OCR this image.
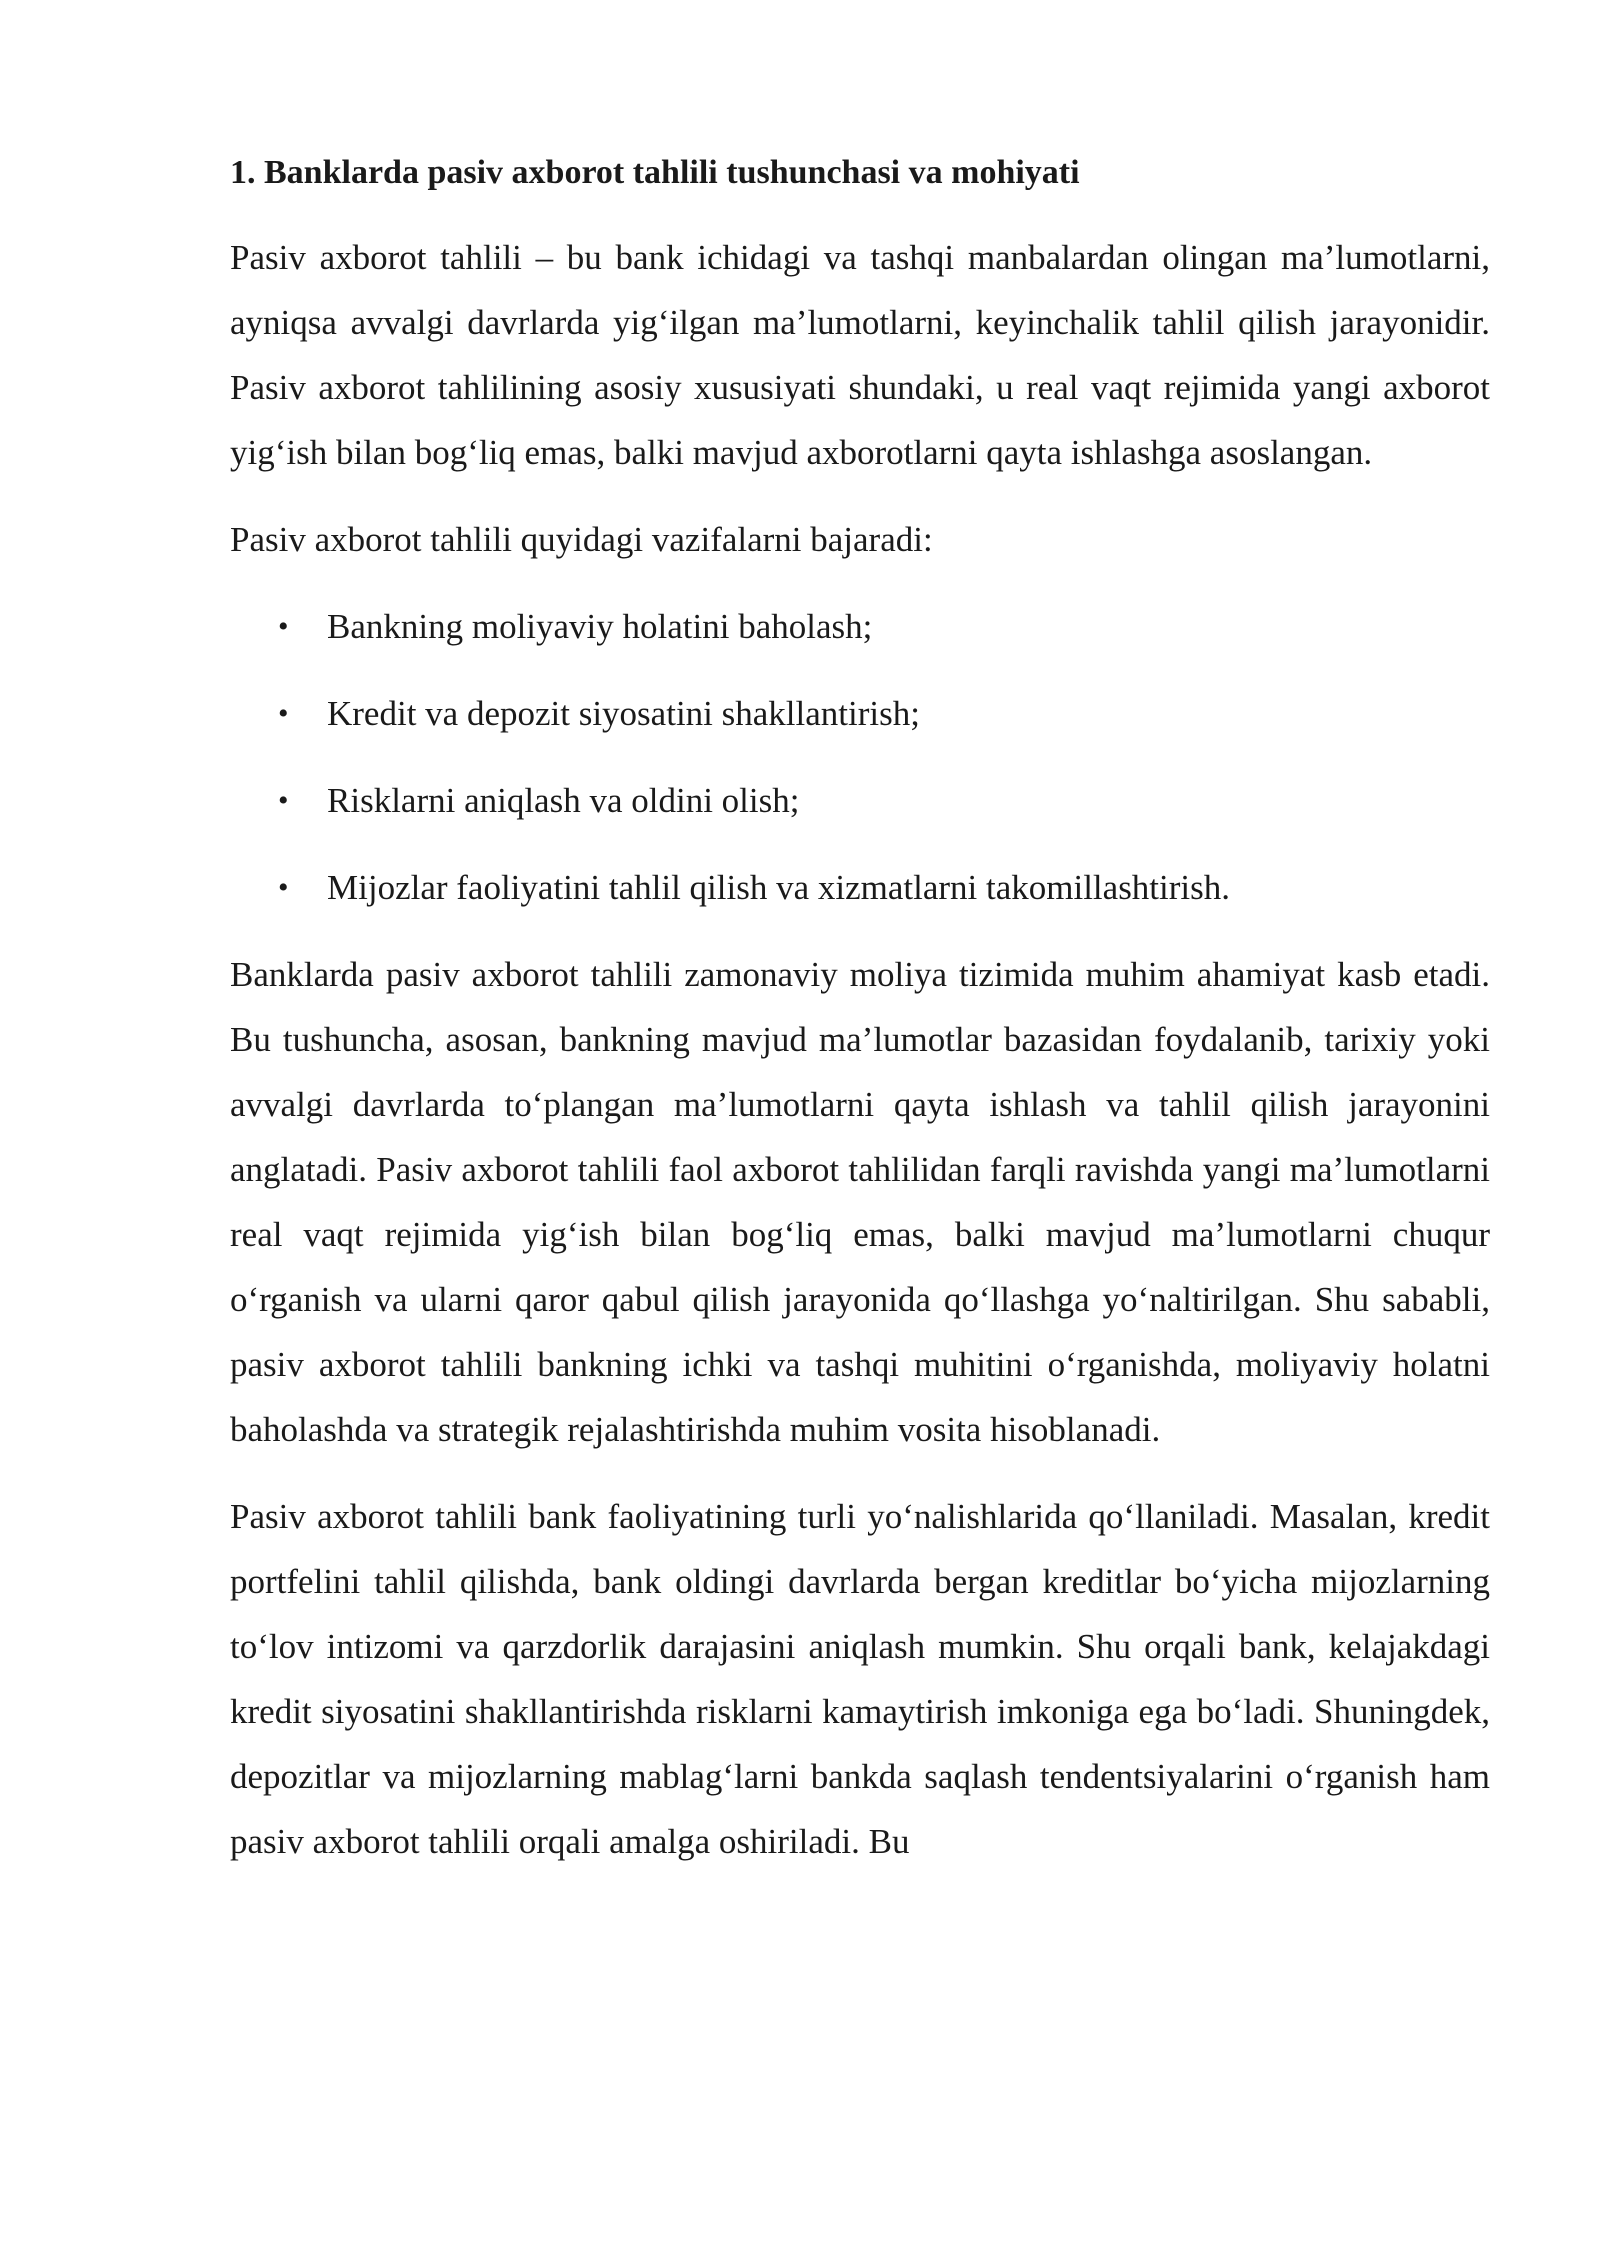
1. Banklarda pasiv axborot tahlili tushunchasi va mohiyati

Pasiv axborot tahlili – bu bank ichidagi va tashqi manbalardan olingan ma’lumotlarni, ayniqsa avvalgi davrlarda yig‘ilgan ma’lumotlarni, keyinchalik tahlil qilish jarayonidir. Pasiv axborot tahlilining asosiy xususiyati shundaki, u real vaqt rejimida yangi axborot yig‘ish bilan bog‘liq emas, balki mavjud axborotlarni qayta ishlashga asoslangan.

Pasiv axborot tahlili quyidagi vazifalarni bajaradi:

• Bankning moliyaviy holatini baholash;
• Kredit va depozit siyosatini shakllantirish;
• Risklarni aniqlash va oldini olish;
• Mijozlar faoliyatini tahlil qilish va xizmatlarni takomillashtirish.

Banklarda pasiv axborot tahlili zamonaviy moliya tizimida muhim ahamiyat kasb etadi. Bu tushuncha, asosan, bankning mavjud ma’lumotlar bazasidan foydalanib, tarixiy yoki avvalgi davrlarda to‘plangan ma’lumotlarni qayta ishlash va tahlil qilish jarayonini anglatadi. Pasiv axborot tahlili faol axborot tahlilidan farqli ravishda yangi ma’lumotlarni real vaqt rejimida yig‘ish bilan bog‘liq emas, balki mavjud ma’lumotlarni chuqur o‘rganish va ularni qaror qabul qilish jarayonida qo‘llashga yo‘naltirilgan. Shu sababli, pasiv axborot tahlili bankning ichki va tashqi muhitini o‘rganishda, moliyaviy holatni baholashda va strategik rejalashtirishda muhim vosita hisoblanadi.

Pasiv axborot tahlili bank faoliyatining turli yo‘nalishlarida qo‘llaniladi. Masalan, kredit portfelini tahlil qilishda, bank oldingi davrlarda bergan kreditlar bo‘yicha mijozlarning to‘lov intizomi va qarzdorlik darajasini aniqlash mumkin. Shu orqali bank, kelajakdagi kredit siyosatini shakllantirishda risklarni kamaytirish imkoniga ega bo‘ladi. Shuningdek, depozitlar va mijozlarning mablag‘larni bankda saqlash tendentsiyalarini o‘rganish ham pasiv axborot tahlili orqali amalga oshiriladi. Bu
